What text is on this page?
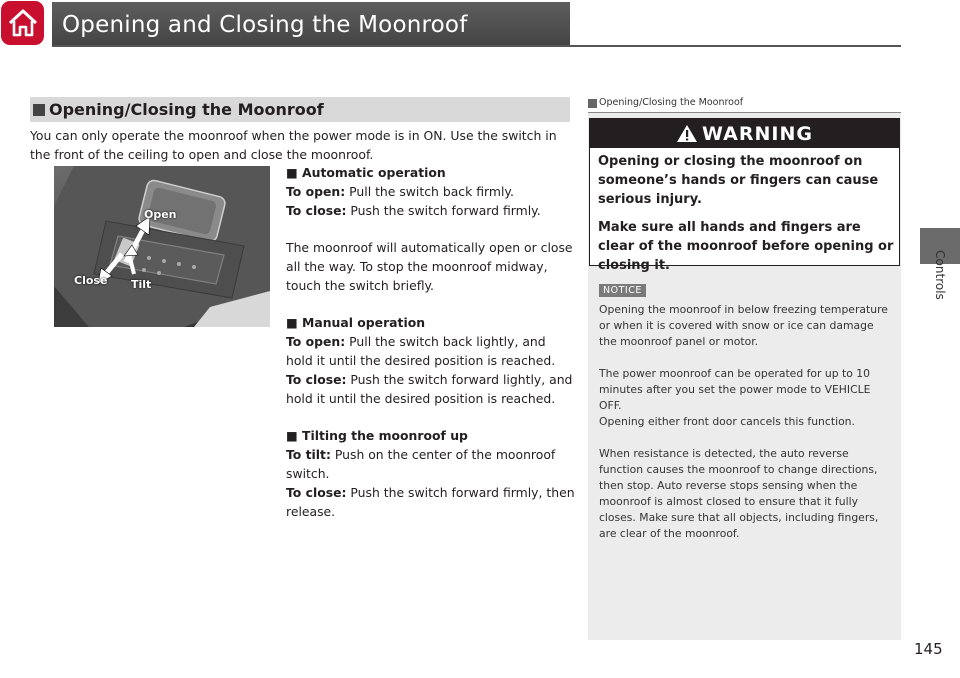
Opening and Closing the Moonroof
Controls
Opening/Closing the Moonroof
You can only operate the moonroof when the power mode is in ON. Use the switch in the front of the ceiling to open and close the moonroof.
Open
Close Tilt

■ Automatic operation

To open: Pull the switch back firmly.

To close: Push the switch forward firmly.

The moonroof will automatically open or close all the way. To stop the moonroof midway, touch the switch briefly.

■ Manual operation

To open: Pull the switch back lightly, and hold it until the desired position is reached.

To close: Push the switch forward lightly, and hold it until the desired position is reached.

■ Tilting the moonroof up

To tilt: Push on the center of the moonroof switch.

To close: Push the switch forward firmly, then release.

Opening/Closing the Moonroof
WARNING

Opening or closing the moonroof on someone’s hands or fingers can cause serious injury.

Make sure all hands and fingers are clear of the moonroof before opening or closing it.

NOTICE

Opening the moonroof in below freezing temperature or when it is covered with snow or ice can damage the moonroof panel or motor.

The power moonroof can be operated for up to 10 minutes after you set the power mode to VEHICLE OFF.

Opening either front door cancels this function.

When resistance is detected, the auto reverse function causes the moonroof to change directions, then stop. Auto reverse stops sensing when the moonroof is almost closed to ensure that it fully closes. Make sure that all objects, including fingers, are clear of the moonroof.

145
